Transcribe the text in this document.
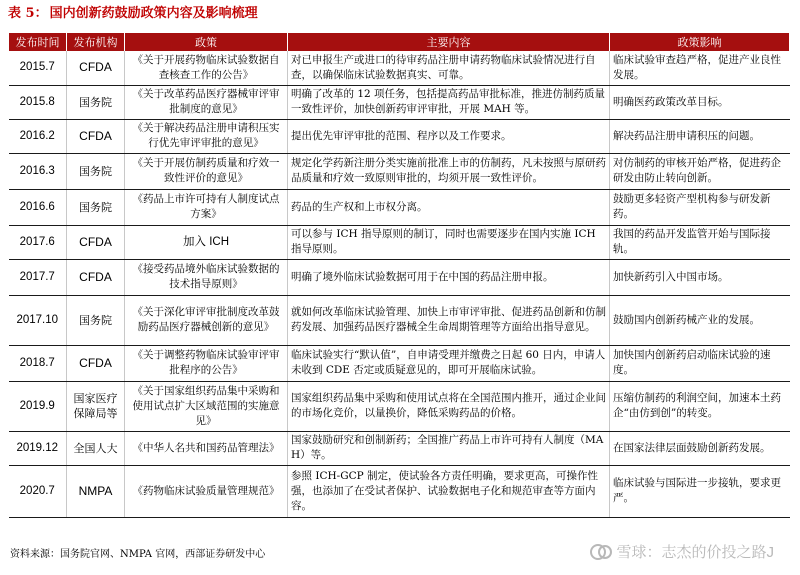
表 5： 国内创新药鼓励政策内容及影响梳理
发布时间	发布机构	政策	主要内容	政策影响
2015.7	CFDA	《关于开展药物临床试验数据自查核查工作的公告》	对已申报生产或进口的待审药品注册申请药物临床试验情况进行自查，以确保临床试验数据真实、可靠。	临床试验审查趋严格，促进产业良性发展。
2015.8	国务院	《关于改革药品医疗器械审评审批制度的意见》	明确了改革的 12 项任务，包括提高药品审批标准，推进仿制药质量一致性评价，加快创新药审评审批，开展 MAH 等。	明确医药政策改革目标。
2016.2	CFDA	《关于解决药品注册申请积压实行优先审评审批的意见》	提出优先审评审批的范围、程序以及工作要求。	解决药品注册申请积压的问题。
2016.3	国务院	《关于开展仿制药质量和疗效一致性评价的意见》	规定化学药新注册分类实施前批准上市的仿制药，凡未按照与原研药品质量和疗效一致原则审批的，均须开展一致性评价。	对仿制药的审核开始严格，促进药企研发由防止转向创新。
2016.6	国务院	《药品上市许可持有人制度试点方案》	药品的生产权和上市权分离。	鼓励更多轻资产型机构参与研发新药。
2017.6	CFDA	加入 ICH	可以参与 ICH 指导原则的制订，同时也需要逐步在国内实施 ICH 指导原则。	我国的药品开发监管开始与国际接轨。
2017.7	CFDA	《接受药品境外临床试验数据的技术指导原则》	明确了境外临床试验数据可用于在中国的药品注册申报。	加快新药引入中国市场。
2017.10	国务院	《关于深化审评审批制度改革鼓励药品医疗器械创新的意见》	就如何改革临床试验管理、加快上市审评审批、促进药品创新和仿制药发展、加强药品医疗器械全生命周期管理等方面给出指导意见。	鼓励国内创新药械产业的发展。
2018.7	CFDA	《关于调整药物临床试验审评审批程序的公告》	临床试验实行“默认值”，自申请受理并缴费之日起 60 日内，申请人未收到 CDE 否定或质疑意见的，即可开展临床试验。	加快国内创新药启动临床试验的速度。
2019.9	国家医疗保障局等	《关于国家组织药品集中采购和使用试点扩大区域范围的实施意见》	国家组织药品集中采购和使用试点将在全国范围内推开，通过企业间的市场化竞价，以量换价，降低采购药品的价格。	压缩仿制药的利润空间，加速本土药企“由仿到创”的转变。
2019.12	全国人大	《中华人名共和国药品管理法》	国家鼓励研究和创制新药；全国推广药品上市许可持有人制度（MAH）等。	在国家法律层面鼓励创新药发展。
2020.7	NMPA	《药物临床试验质量管理规范》	参照 ICH-GCP 制定，使试验各方责任明确，要求更高，可操作性强，也添加了在受试者保护、试验数据电子化和规范审查等方面内容。	临床试验与国际进一步接轨，要求更严。
资料来源：国务院官网、NMPA 官网，西部证券研发中心	雪球：志杰的价投之路J
